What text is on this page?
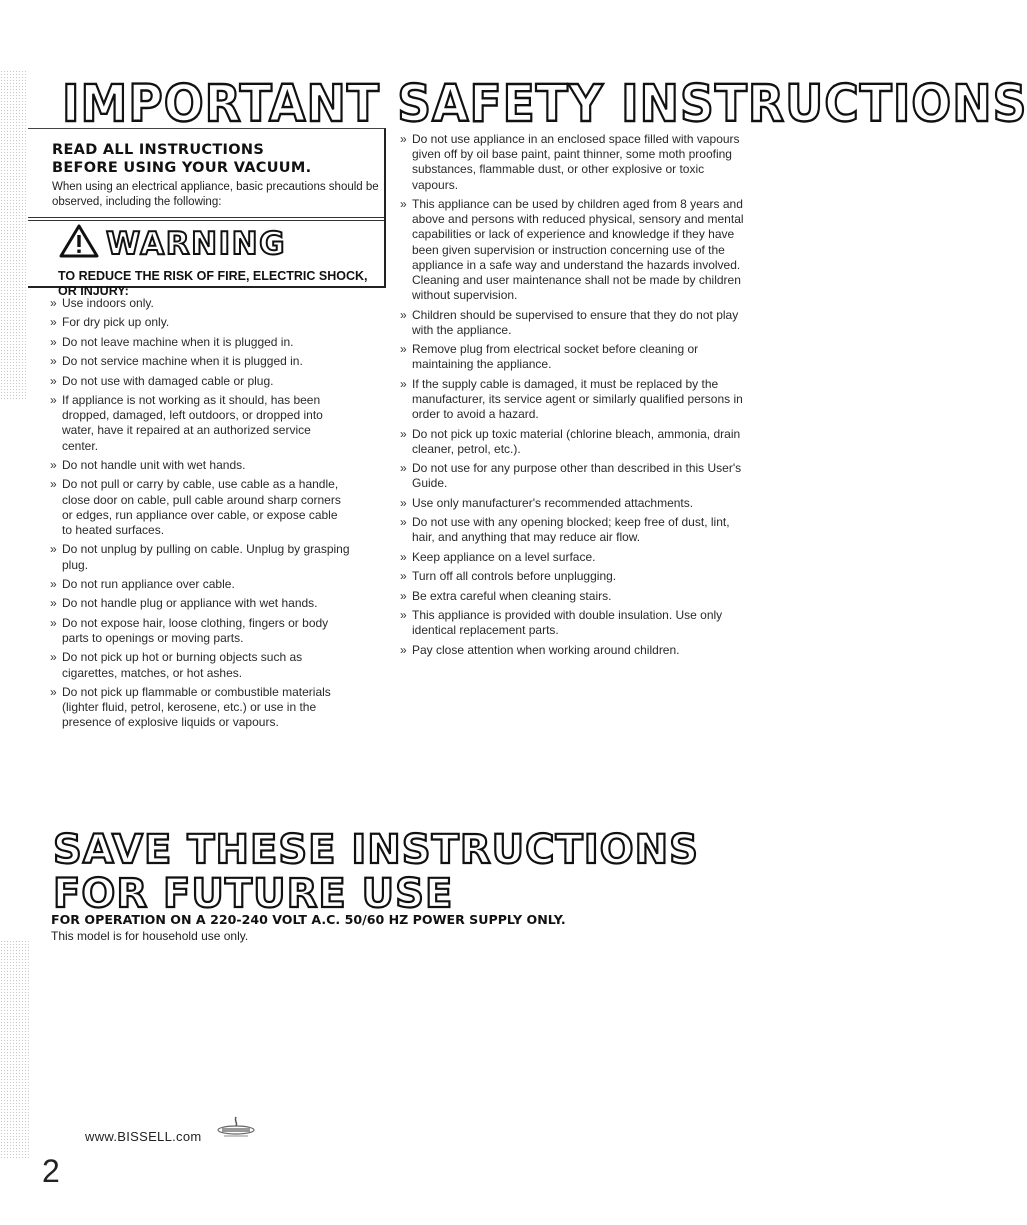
IMPORTANT SAFETY INSTRUCTIONS
READ ALL INSTRUCTIONS
BEFORE USING YOUR VACUUM.
When using an electrical appliance, basic precautions should be observed, including the following:
WARNING
TO REDUCE THE RISK OF FIRE, ELECTRIC SHOCK, OR INJURY:
» Use indoors only.
» For dry pick up only.
» Do not leave machine when it is plugged in.
» Do not service machine when it is plugged in.
» Do not use with damaged cable or plug.
» If appliance is not working as it should, has been dropped, damaged, left outdoors, or dropped into water, have it repaired at an authorized service center.
» Do not handle unit with wet hands.
» Do not pull or carry by cable, use cable as a handle, close door on cable, pull cable around sharp corners or edges, run appliance over cable, or expose cable to heated surfaces.
» Do not unplug by pulling on cable. Unplug by grasping plug.
» Do not run appliance over cable.
» Do not handle plug or appliance with wet hands.
» Do not expose hair, loose clothing, fingers or body parts to openings or moving parts.
» Do not pick up hot or burning objects such as cigarettes, matches, or hot ashes.
» Do not pick up flammable or combustible materials (lighter fluid, petrol, kerosene, etc.) or use in the presence of explosive liquids or vapours.
» Do not use appliance in an enclosed space filled with vapours given off by oil base paint, paint thinner, some moth proofing substances, flammable dust, or other explosive or toxic vapours.
» This appliance can be used by children aged from 8 years and above and persons with reduced physical, sensory and mental capabilities or lack of experience and knowledge if they have been given supervision or instruction concerning use of the appliance in a safe way and understand the hazards involved. Cleaning and user maintenance shall not be made by children without supervision.
» Children should be supervised to ensure that they do not play with the appliance.
» Remove plug from electrical socket before cleaning or maintaining the appliance.
» If the supply cable is damaged, it must be replaced by the manufacturer, its service agent or similarly qualified persons in order to avoid a hazard.
» Do not pick up toxic material (chlorine bleach, ammonia, drain cleaner, petrol, etc.).
» Do not use for any purpose other than described in this User's Guide.
» Use only manufacturer's recommended attachments.
» Do not use with any opening blocked; keep free of dust, lint, hair, and anything that may reduce air flow.
» Keep appliance on a level surface.
» Turn off all controls before unplugging.
» Be extra careful when cleaning stairs.
» This appliance is provided with double insulation. Use only identical replacement parts.
» Pay close attention when working around children.
SAVE THESE INSTRUCTIONS
FOR FUTURE USE
FOR OPERATION ON A 220-240 VOLT A.C. 50/60 HZ POWER SUPPLY ONLY.
This model is for household use only.
2
www.BISSELL.com
